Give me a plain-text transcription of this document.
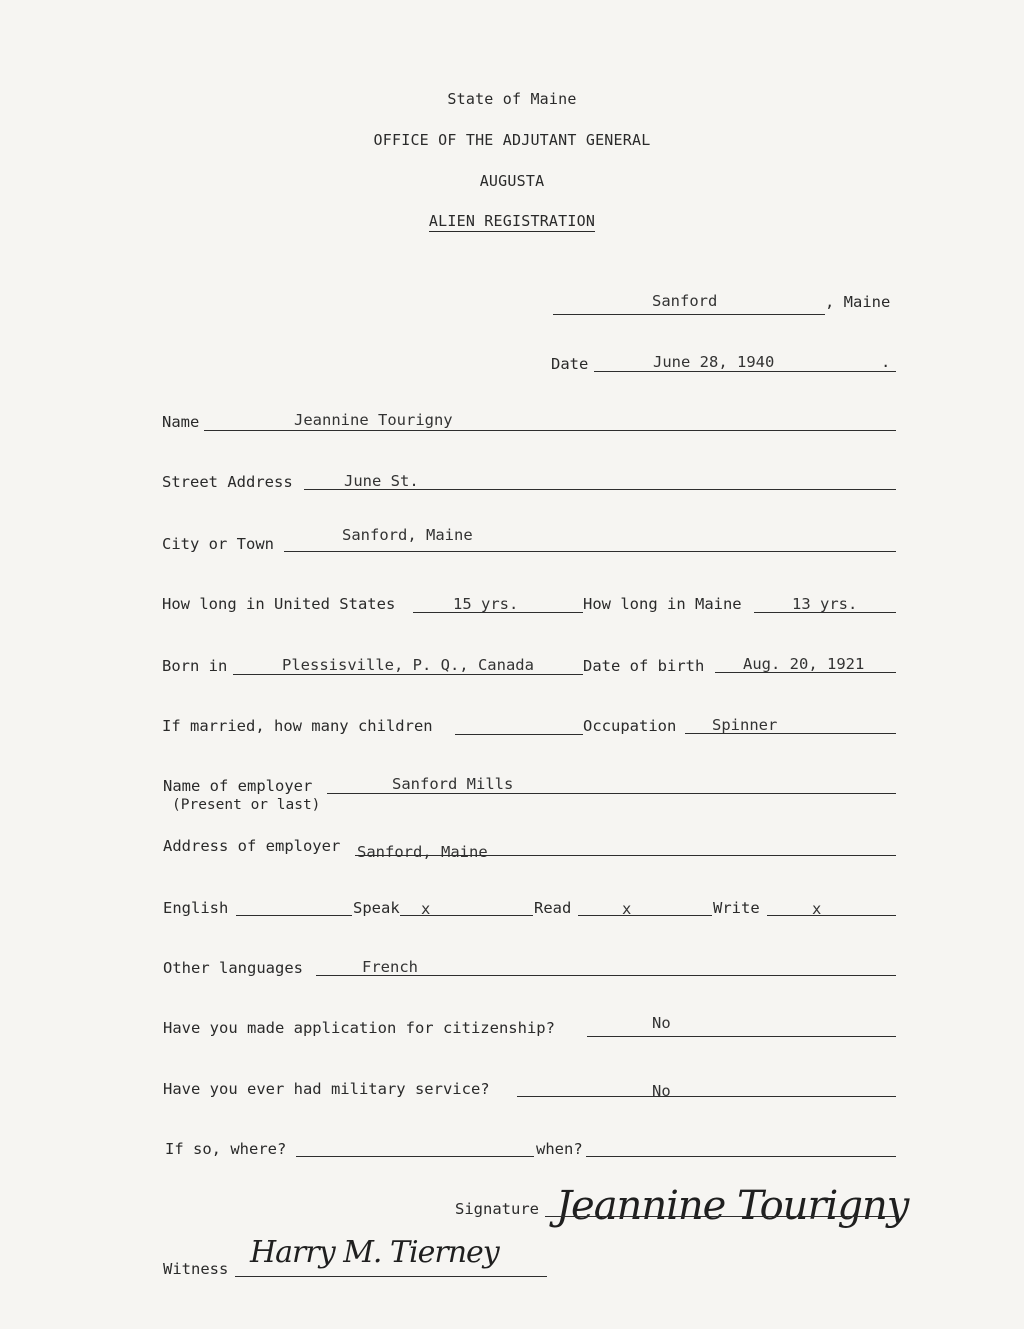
State of Maine
OFFICE OF THE ADJUTANT GENERAL
AUGUSTA
ALIEN REGISTRATION
Sanford	, Maine
Date	June 28, 1940	.
Name	Jeannine Tourigny
Street Address	June St.
City or Town	Sanford, Maine
How long in United States	15 yrs.	How long in Maine	13 yrs.
Born in	Plessisville, P. Q., Canada	Date of birth Aug. 20, 1921
If married, how many children	Occupation Spinner
Name of employer
(Present or last)
Sanford Mills
Address of employer Sanford, Maine
English	Speak x	Read	x	Write	x
Other languages	French
Have you made application for citizenship?	No
Have you ever had military service?	No
If so, where?	when?
Signature Jeannine Tourigny
Witness Harry M. Tierney
